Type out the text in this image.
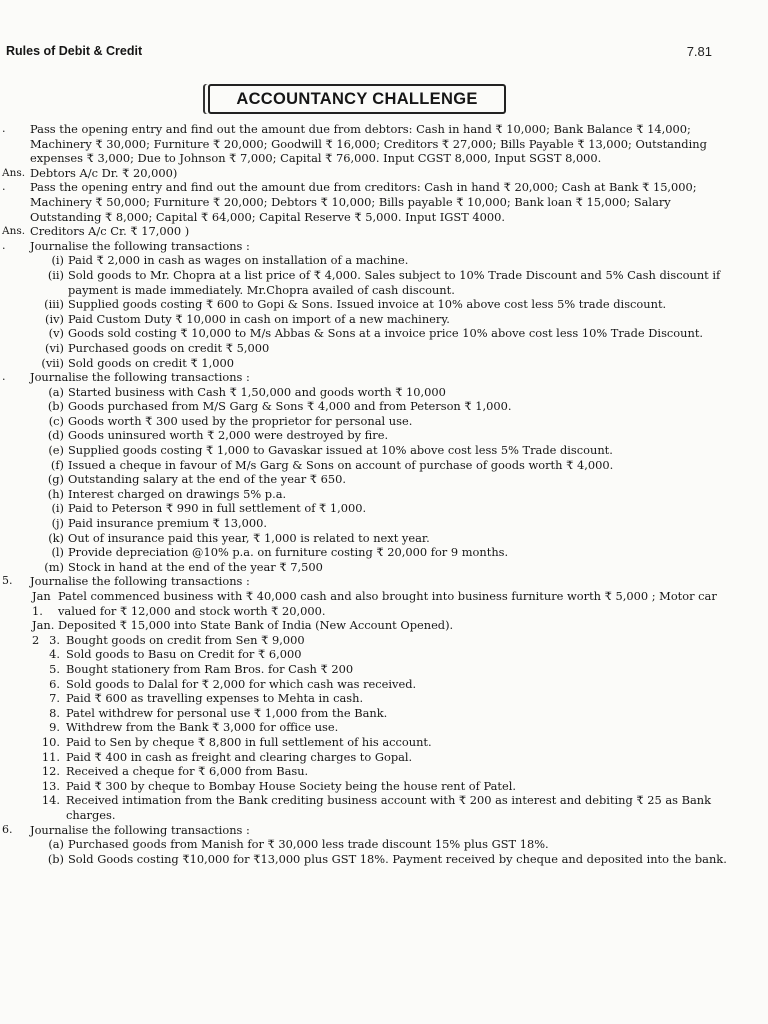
Rules of Debit & Credit	7.81
ACCOUNTANCY CHALLENGE
.	Pass the opening entry and find out the amount due from debtors: Cash in hand ₹ 10,000; Bank Balance ₹ 14,000; Machinery ₹ 30,000; Furniture ₹ 20,000; Goodwill ₹ 16,000; Creditors ₹ 27,000; Bills Payable ₹ 13,000; Outstanding expenses ₹ 3,000; Due to Johnson ₹ 7,000; Capital ₹ 76,000. Input CGST 8,000, Input SGST 8,000.

Ans. Debtors A/c Dr. ₹ 20,000)
.	Pass the opening entry and find out the amount due from creditors: Cash in hand ₹ 20,000; Cash at Bank ₹ 15,000; Machinery ₹ 50,000; Furniture ₹ 20,000; Debtors ₹ 10,000; Bills payable ₹ 10,000; Bank loan ₹ 15,000; Salary Outstanding ₹ 8,000; Capital ₹ 64,000; Capital Reserve ₹ 5,000. Input IGST 4000.

Ans. Creditors A/c Cr. ₹ 17,000 )
.	Journalise the following transactions :

(i) Paid ₹ 2,000 in cash as wages on installation of a machine.
(ii) Sold goods to Mr. Chopra at a list price of ₹ 4,000. Sales subject to 10% Trade Discount and 5% Cash discount if payment is made immediately. Mr.Chopra availed of cash discount.
(iii) Supplied goods costing ₹ 600 to Gopi & Sons. Issued invoice at 10% above cost less 5% trade discount.
(iv) Paid Custom Duty ₹ 10,000 in cash on import of a new machinery.
(v) Goods sold costing ₹ 10,000 to M/s Abbas & Sons at a invoice price 10% above cost less 10% Trade Discount.
(vi) Purchased goods on credit ₹ 5,000
(vii) Sold goods on credit ₹ 1,000
.	Journalise the following transactions :

(a) Started business with Cash ₹ 1,50,000 and goods worth ₹ 10,000
(b) Goods purchased from M/S Garg & Sons ₹ 4,000 and from Peterson ₹ 1,000.
(c) Goods worth ₹ 300 used by the proprietor for personal use.
(d) Goods uninsured worth ₹ 2,000 were destroyed by fire.
(e) Supplied goods costing ₹ 1,000 to Gavaskar issued at 10% above cost less 5% Trade discount.
(f) Issued a cheque in favour of M/s Garg & Sons on account of purchase of goods worth ₹ 4,000.
(g) Outstanding salary at the end of the year ₹ 650.
(h) Interest charged on drawings 5% p.a.
(i) Paid to Peterson ₹ 990 in full settlement of ₹ 1,000.
(j) Paid insurance premium ₹ 13,000.
(k) Out of insurance paid this year, ₹ 1,000 is related to next year.
(l) Provide depreciation @10% p.a. on furniture costing ₹ 20,000 for 9 months.
(m) Stock in hand at the end of the year ₹ 7,500
5.	Journalise the following transactions :

Jan 1.
Patel commenced business with ₹ 40,000 cash and also brought into business furniture worth ₹ 5,000 ; Motor car valued for ₹ 12,000 and stock worth ₹ 20,000.
Jan. 2
Deposited ₹ 15,000 into State Bank of India (New Account Opened).
3. Bought goods on credit from Sen ₹ 9,000
4. Sold goods to Basu on Credit for ₹ 6,000
5. Bought stationery from Ram Bros. for Cash ₹ 200
6. Sold goods to Dalal for ₹ 2,000 for which cash was received.
7. Paid ₹ 600 as travelling expenses to Mehta in cash.
8. Patel withdrew for personal use ₹ 1,000 from the Bank.
9. Withdrew from the Bank ₹ 3,000 for office use.
10. Paid to Sen by cheque ₹ 8,800 in full settlement of his account.
11. Paid ₹ 400 in cash as freight and clearing charges to Gopal.
12. Received a cheque for ₹ 6,000 from Basu.
13. Paid ₹ 300 by cheque to Bombay House Society being the house rent of Patel.
14. Received intimation from the Bank crediting business account with ₹ 200 as interest and debiting ₹ 25 as Bank charges.
6.	Journalise the following transactions :

(a) Purchased goods from Manish for ₹ 30,000 less trade discount 15% plus GST 18%.
(b) Sold Goods costing ₹10,000 for ₹13,000 plus GST 18%. Payment received by cheque and deposited into the bank.
